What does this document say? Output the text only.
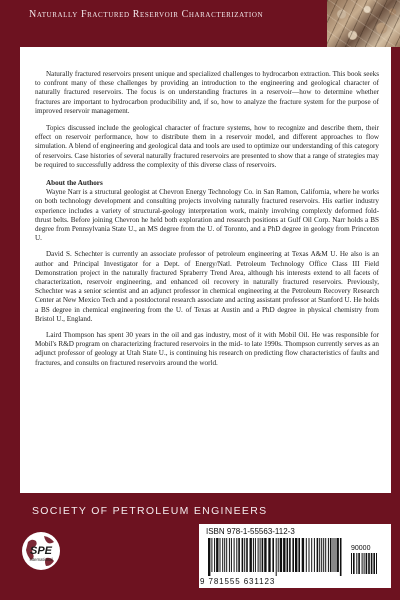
Naturally Fractured Reservoir Characterization

Naturally fractured reservoirs present unique and specialized challenges to hydrocarbon extraction. This book seeks to confront many of these challenges by providing an introduction to the engineering and geological character of naturally fractured reservoirs. The focus is on understanding fractures in a reservoir—how to determine whether fractures are important to hydrocarbon producibility and, if so, how to analyze the fracture system for the purpose of improved reservoir management.

Topics discussed include the geological character of fracture systems, how to recognize and describe them, their effect on reservoir performance, how to distribute them in a reservoir model, and different approaches to flow simulation. A blend of engineering and geological data and tools are used to optimize our understanding of this category of reservoirs. Case histories of several naturally fractured reservoirs are presented to show that a range of strategies may be required to successfully address the complexity of this diverse class of reservoirs.

About the Authors

Wayne Narr is a structural geologist at Chevron Energy Technology Co. in San Ramon, California, where he works on both technology development and consulting projects involving naturally fractured reservoirs. His earlier industry experience includes a variety of structural-geology interpretation work, mainly involving complexly deformed fold-thrust belts. Before joining Chevron he held both exploration and research positions at Gulf Oil Corp. Narr holds a BS degree from Pennsylvania State U., an MS degree from the U. of Toronto, and a PhD degree in geology from Princeton U.

David S. Schechter is currently an associate professor of petroleum engineering at Texas A&M U. He also is an author and Principal Investigator for a Dept. of Energy/Natl. Petroleum Technology Office Class III Field Demonstration project in the naturally fractured Spraberry Trend Area, although his interests extend to all facets of characterization, reservoir engineering, and enhanced oil recovery in naturally fractured reservoirs. Previously, Schechter was a senior scientist and an adjunct professor in chemical engineering at the Petroleum Recovery Research Center at New Mexico Tech and a postdoctoral research associate and acting assistant professor at Stanford U. He holds a BS degree in chemical engineering from the U. of Texas at Austin and a PhD degree in physical chemistry from Bristol U., England.

Laird Thompson has spent 30 years in the oil and gas industry, most of it with Mobil Oil. He was responsible for Mobil's R&D program on characterizing fractured reservoirs in the mid- to late 1990s. Thompson currently serves as an adjunct professor of geology at Utah State U., is continuing his research on predicting flow characteristics of faults and fractures, and consults on fractured reservoirs around the world.

SOCIETY OF PETROLEUM ENGINEERS
SPE
International
ISBN 978-1-55563-112-3
90000
9 781555 631123
